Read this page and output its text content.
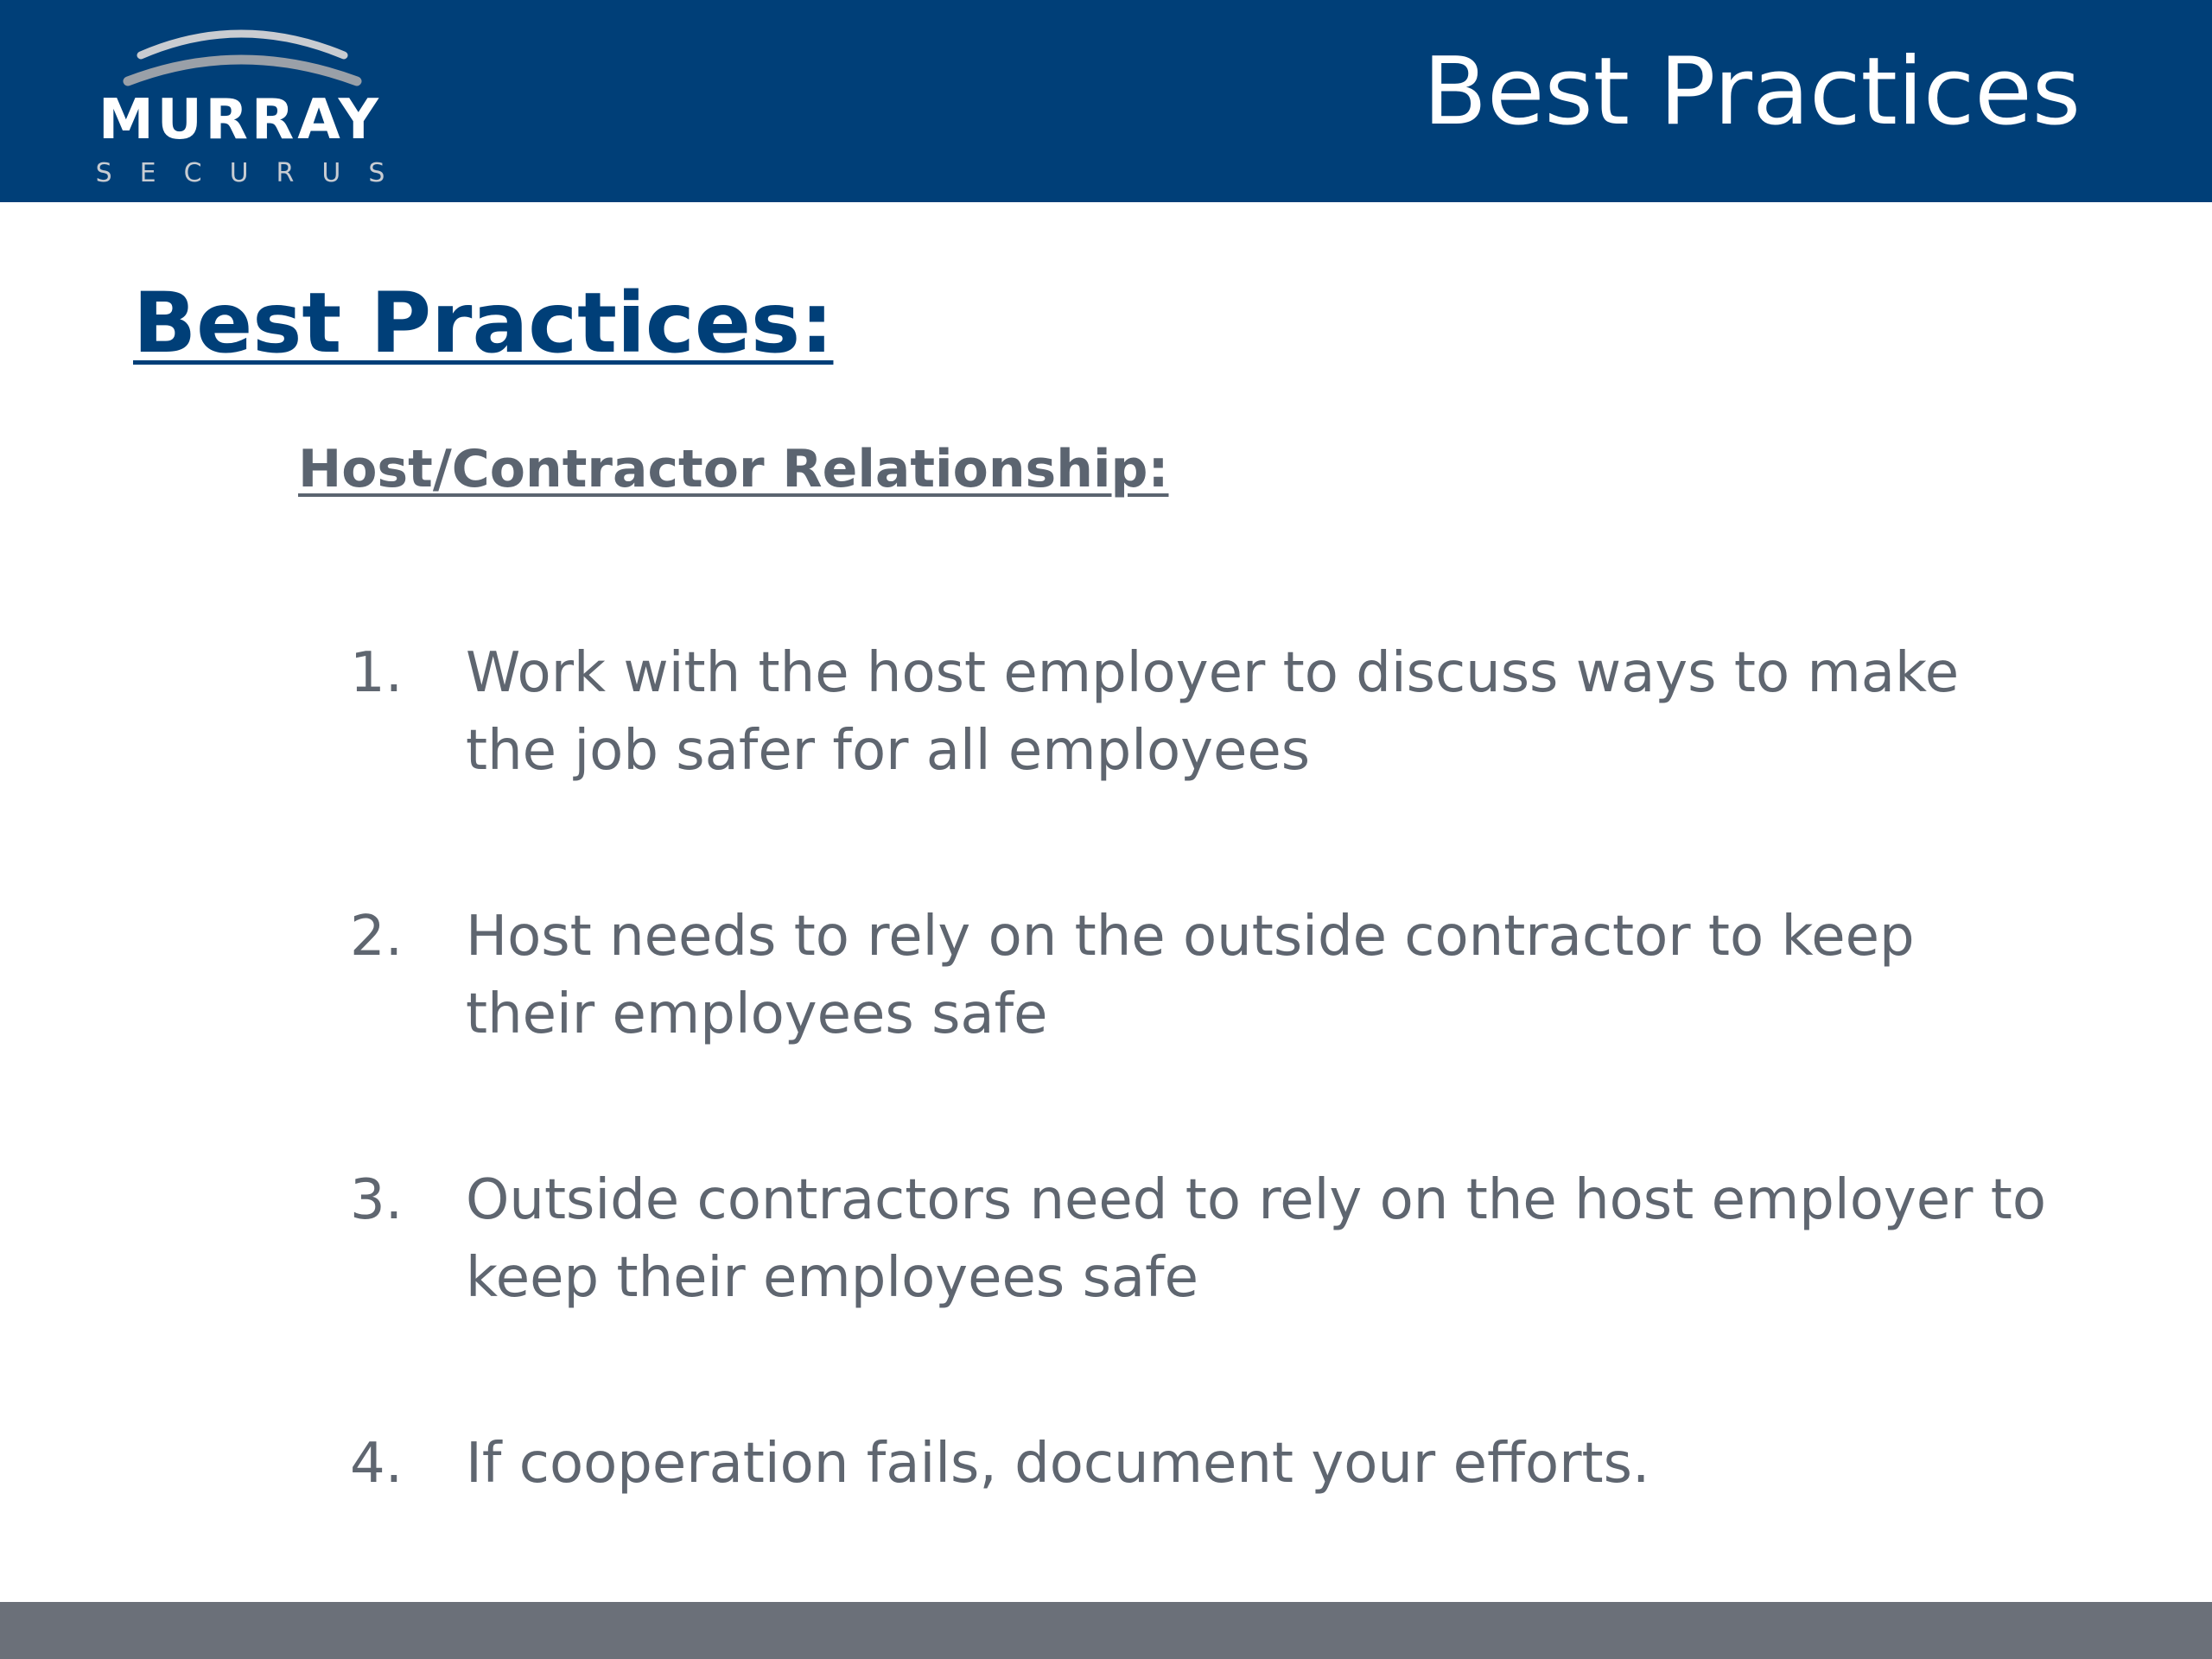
MURRAY
SECURUS
Best Practices
Best Practices:
Host/Contractor Relationship:
1.	Work with the host employer to discuss ways to make the job safer for all employees
2.	Host needs to rely on the outside contractor to keep their employees safe
3.	Outside contractors need to rely on the host employer to keep their employees safe
4.	If cooperation fails, document your efforts.
